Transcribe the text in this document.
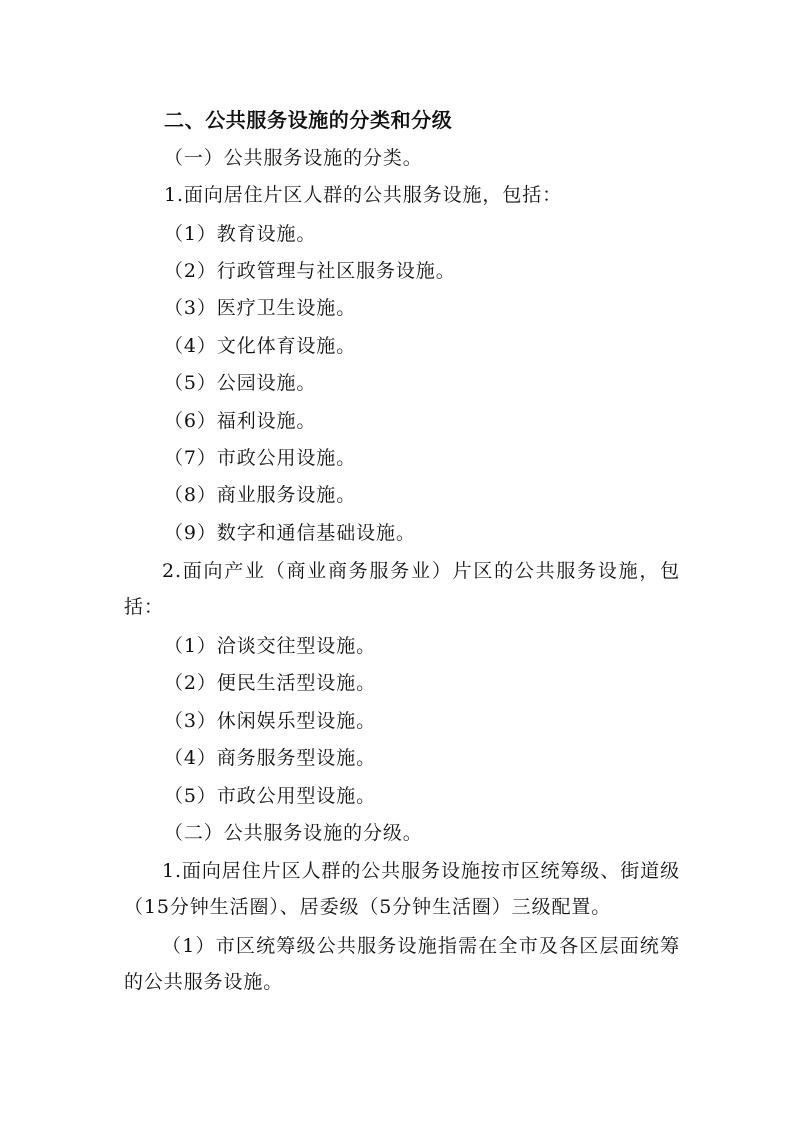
二、公共服务设施的分类和分级
（一）公共服务设施的分类。
1.面向居住片区人群的公共服务设施，包括：
（1）教育设施。
（2）行政管理与社区服务设施。
（3）医疗卫生设施。
（4）文化体育设施。
（5）公园设施。
（6）福利设施。
（7）市政公用设施。
（8）商业服务设施。
（9）数字和通信基础设施。
2.面向产业（商业商务服务业）片区的公共服务设施，包括：
（1）洽谈交往型设施。
（2）便民生活型设施。
（3）休闲娱乐型设施。
（4）商务服务型设施。
（5）市政公用型设施。
（二）公共服务设施的分级。
1.面向居住片区人群的公共服务设施按市区统筹级、街道级（15分钟生活圈）、居委级（5分钟生活圈）三级配置。
（1）市区统筹级公共服务设施指需在全市及各区层面统筹的公共服务设施。
